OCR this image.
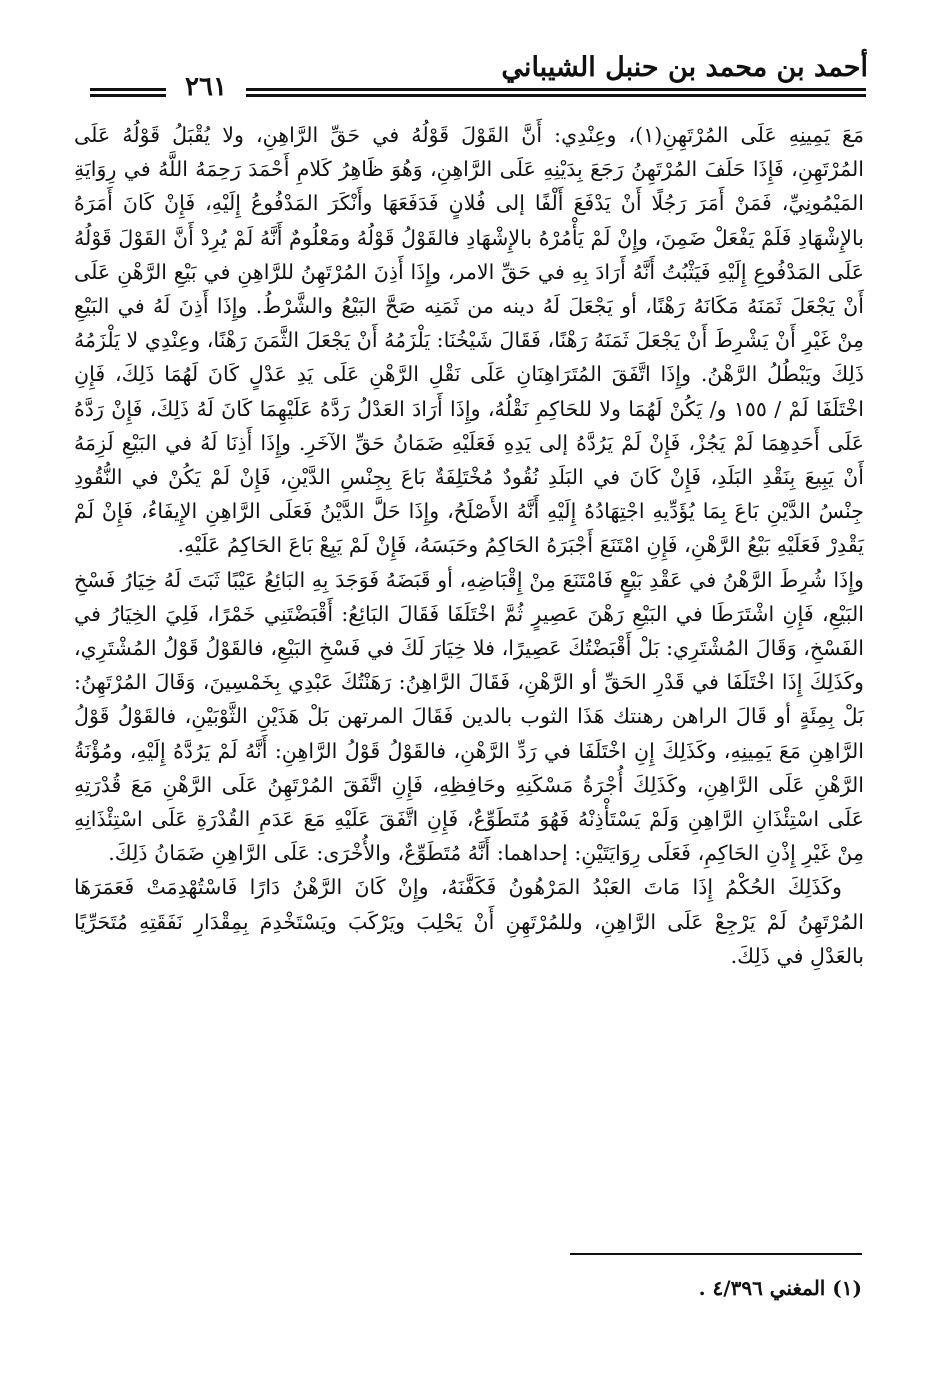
أحمد بن محمد بن حنبل الشيباني
٢٦١

مَعَ يَمِينِهِ عَلَى المُرْتَهِنِ(١)، وعِنْدِي: أَنَّ القَوْلَ قَوْلُهُ في حَقِّ الرَّاهِنِ، ولا يُقْبَلُ قَوْلُهُ عَلَى المُرْتَهِنِ، فَإِذَا حَلَفَ المُرْتَهِنُ رَجَعَ بِدَيْنِهِ عَلَى الرَّاهِنِ، وَهُوَ ظَاهِرُ كَلامِ أَحْمَدَ رَحِمَهُ اللَّهُ في رِوَايَةِ المَيْمُونِيِّ، فَمَنْ أَمَرَ رَجُلًا أَنْ يَدْفَعَ أَلْفًا إلى فُلانٍ فَدَفَعَهَا وأَنْكَرَ المَدْفُوعُ إِلَيْهِ، فَإِنْ كَانَ أَمَرَهُ بالإِشْهَادِ فَلَمْ يَفْعَلْ ضَمِنَ، وإِنْ لَمْ يَأْمُرْهُ بالإِشْهَادِ فالقَوْلُ قَوْلُهُ ومَعْلُومٌ أَنَّهُ لَمْ يُرِدْ أَنَّ القَوْلَ قَوْلُهُ عَلَى المَدْفُوعِ إِلَيْهِ فَيَثْبُتُ أَنَّهُ أَرَادَ بِهِ في حَقِّ الامر، وإِذَا أَذِنَ المُرْتَهِنُ للرَّاهِنِ في بَيْعِ الرَّهْنِ عَلَى أَنْ يَجْعَلَ ثَمَنَهُ مَكَانَهُ رَهْنًا، أو يَجْعَلَ لَهُ دينه من ثَمَنِه صَحَّ البَيْعُ والشَّرْطُ. وإِذَا أَذِنَ لَهُ في البَيْعِ مِنْ غَيْرِ أَنْ يَشْرِطَ أَنْ يَجْعَلَ ثَمَنَهُ رَهْنًا، فَقَالَ شَيْخُنَا: يَلْزَمُهُ أَنْ يَجْعَلَ الثَّمَنَ رَهْنًا، وعِنْدِي لا يَلْزَمُهُ ذَلِكَ ويَبْطُلُ الرَّهْنُ. وإِذَا اتَّفَقَ المُتَرَاهِنَانِ عَلَى نَقْلِ الرَّهْنِ عَلَى يَدِ عَدْلٍ كَانَ لَهُمَا ذَلِكَ، فَإِنِ اخْتَلَفَا لَمْ / ١٥٥ و/ يَكُنْ لَهُمَا ولا للحَاكِمِ نَقْلُهُ، وإِذَا أَرَادَ العَدْلُ رَدَّهُ عَلَيْهِمَا كَانَ لَهُ ذَلِكَ، فَإِنْ رَدَّهُ عَلَى أَحَدِهِمَا لَمْ يَجُزْ، فَإِنْ لَمْ يَرُدَّهُ إلى يَدِهِ فَعَلَيْهِ ضَمَانُ حَقِّ الآخَرِ. وإِذَا أَذِنَا لَهُ في البَيْعِ لَزِمَهُ أَنْ يَبِيعَ بِنَقْدِ البَلَدِ، فَإِنْ كَانَ في البَلَدِ نُقُودٌ مُخْتَلِفَةٌ بَاعَ بِجِنْسِ الدَّيْنِ، فَإِنْ لَمْ يَكُنْ في النُّقُودِ جِنْسُ الدَّيْنِ بَاعَ بِمَا يُؤَدِّيهِ اجْتِهَادُهُ إِلَيْهِ أَنَّهُ الأَصْلَحُ، وإِذَا حَلَّ الدَّيْنُ فَعَلَى الرَّاهِنِ الإِيفَاءُ، فَإِنْ لَمْ يَقْدِرْ فَعَلَيْهِ بَيْعُ الرَّهْنِ، فَإِنِ امْتَنَعَ أَجْبَرَهُ الحَاكِمُ وحَبَسَهُ، فَإِنْ لَمْ يَبِعْ بَاعَ الحَاكِمُ عَلَيْهِ.

وإِذَا شُرِطَ الرَّهْنُ في عَقْدِ بَيْعٍ فَامْتَنَعَ مِنْ إِقْبَاضِهِ، أو قَبَضَهُ فَوَجَدَ بِهِ البَائِعُ عَيْبًا ثَبَتَ لَهُ خِيَارُ فَسْخِ البَيْعِ، فَإِنِ اشْتَرَطَا في البَيْعِ رَهْنَ عَصِيرٍ ثُمَّ اخْتَلَفَا فَقَالَ البَائِعُ: أَقْبَضْتَنِي خَمْرًا، فَلِيَ الخِيَارُ في الفَسْخِ، وَقَالَ المُشْتَرِي: بَلْ أَقْبَضْتُكَ عَصِيرًا، فلا خِيَارَ لَكَ في فَسْخِ البَيْعِ، فالقَوْلُ قَوْلُ المُشْتَرِي، وكَذَلِكَ إِذَا اخْتَلَفَا في قَدْرِ الحَقِّ أو الرَّهْنِ، فَقَالَ الرَّاهِنُ: رَهَنْتُكَ عَبْدِي بِخَمْسِينَ، وَقَالَ المُرْتَهِنُ: بَلْ بِمِئَةٍ أو قَالَ الراهن رهنتك هَذَا الثوب بالدين فَقَالَ المرتهن بَلْ هَذَيْنِ الثَّوْبَيْنِ، فالقَوْلُ قَوْلُ الرَّاهِنِ مَعَ يَمِينِهِ، وكَذَلِكَ إِنِ اخْتَلَفَا في رَدِّ الرَّهْنِ، فالقَوْلُ قَوْلُ الرَّاهِنِ: أَنَّهُ لَمْ يَرُدَّهُ إِلَيْهِ، ومُؤْنَةُ الرَّهْنِ عَلَى الرَّاهِنِ، وكَذَلِكَ أُجْرَةُ مَسْكَنِهِ وحَافِظِهِ، فَإِنِ اتَّفَقَ المُرْتَهِنُ عَلَى الرَّهْنِ مَعَ قُدْرَتِهِ عَلَى اسْتِئْذَانِ الرَّاهِنِ وَلَمْ يَسْتَأْذِنْهُ فَهُوَ مُتَطَوِّعٌ، فَإِنِ اتَّفَقَ عَلَيْهِ مَعَ عَدَمِ القُدْرَةِ عَلَى اسْتِئْذَانِهِ مِنْ غَيْرِ إِذْنِ الحَاكِمِ، فَعَلَى رِوَايَتَيْنِ: إحداهما: أَنَّهُ مُتَطَوِّعٌ، والأُخْرَى: عَلَى الرَّاهِنِ ضَمَانُ ذَلِكَ.

وكَذَلِكَ الحُكْمُ إِذَا مَاتَ العَبْدُ المَرْهُونُ فَكَفَّنَهُ، وإِنْ كَانَ الرَّهْنُ دَارًا فَاسْتُهْدِمَتْ فَعَمَرَهَا المُرْتَهِنُ لَمْ يَرْجِعْ عَلَى الرَّاهِنِ، وللمُرْتَهِنِ أَنْ يَحْلِبَ ويَرْكَبَ ويَسْتَخْدِمَ بِمِقْدَارِ نَفَقَتِهِ مُتَحَرِّيًا بالعَدْلِ في ذَلِكَ.

(١) المغني ٤/٣٩٦ .
